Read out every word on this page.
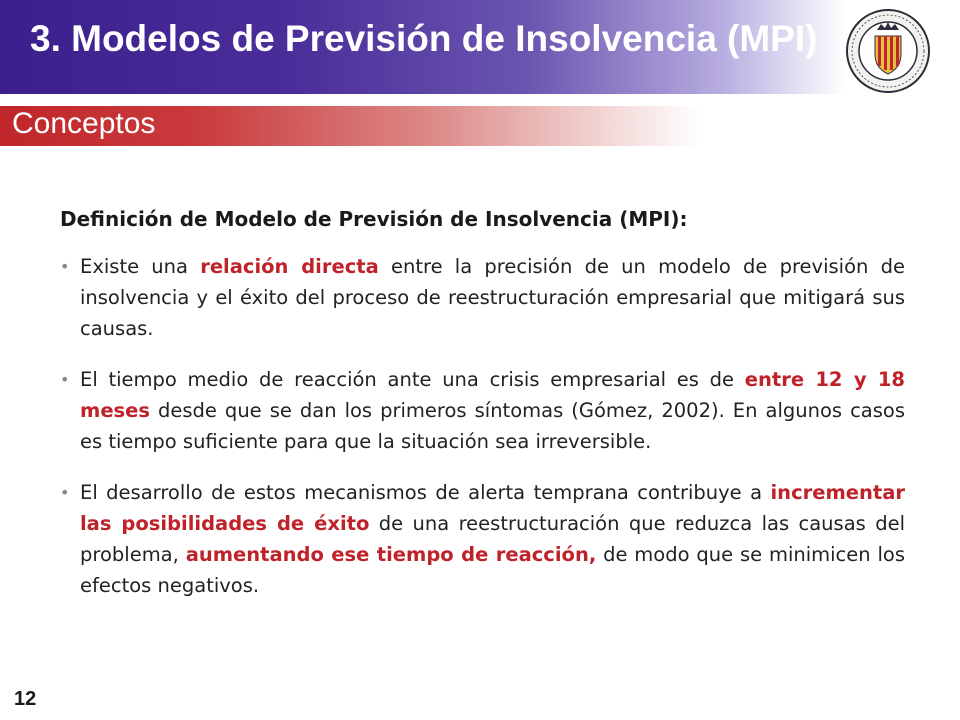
3. Modelos de Previsión de Insolvencia (MPI)
Conceptos
Definición de Modelo de Previsión de Insolvencia (MPI):
• Existe una relación directa entre la precisión de un modelo de previsión de insolvencia y el éxito del proceso de reestructuración empresarial que mitigará sus causas.
• El tiempo medio de reacción ante una crisis empresarial es de entre 12 y 18 meses desde que se dan los primeros síntomas (Gómez, 2002). En algunos casos es tiempo suficiente para que la situación sea irreversible.
• El desarrollo de estos mecanismos de alerta temprana contribuye a incrementar las posibilidades de éxito de una reestructuración que reduzca las causas del problema, aumentando ese tiempo de reacción, de modo que se minimicen los efectos negativos.
12
